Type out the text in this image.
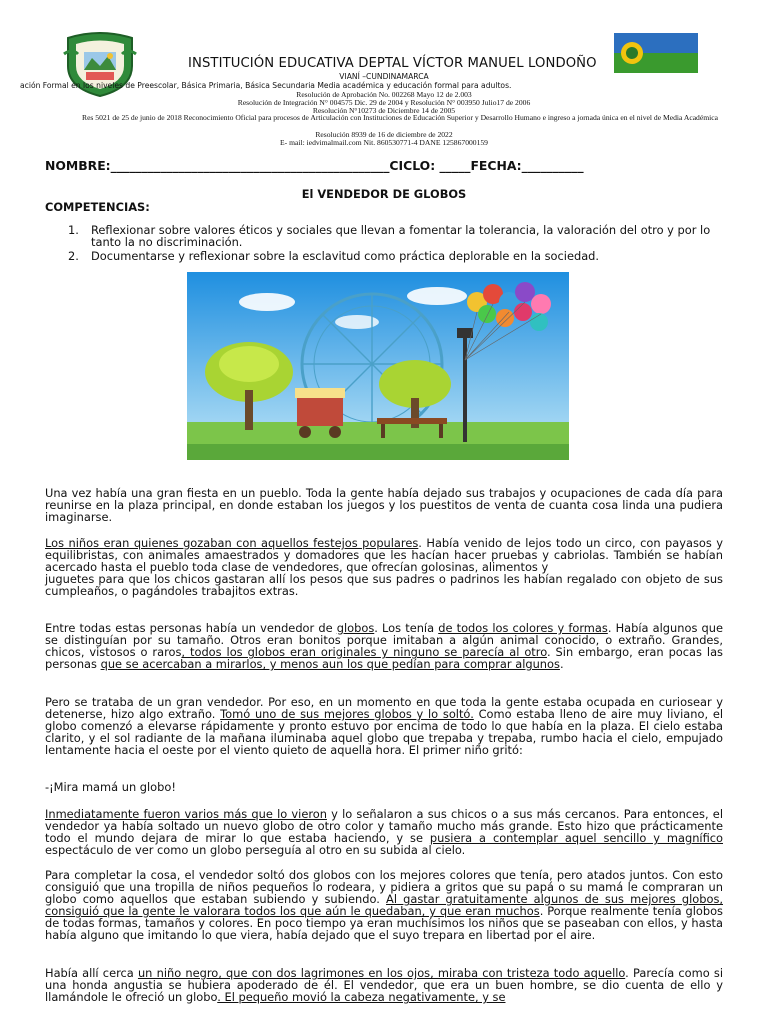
INSTITUCIÓN EDUCATIVA DEPTAL VÍCTOR MANUEL LONDOÑO
VIANÍ –CUNDINAMARCA
ación Formal en los niveles de Preescolar, Básica Primaria, Básica Secundaria Media académica y educación formal para adultos.
Resolución de Aprobación No. 002268 Mayo 12 de 2.003
Resolución de Integración N° 004575 Dic. 29 de 2004 y Resolución N° 003950 Julio17 de 2006
Resolución N°10273 de Diciembre 14 de 2005
Res 5021 de 25 de junio de 2018 Reconocimiento Oficial para procesos de Articulación con Instituciones de Educación Superior y Desarrollo Humano e ingreso a jornada única en el nivel de Media Académica
Resolución 8939 de 16 de diciembre de 2022
E- mail: iedvimalmail.com Nit. 860530771-4 DANE 125867000159
NOMBRE:_____________________________________________CICLO: _____FECHA:__________
El VENDEDOR DE GLOBOS
COMPETENCIAS:
1. Reflexionar sobre valores éticos y sociales que llevan a fomentar la tolerancia, la valoración del otro y por lo tanto la no discriminación.
2. Documentarse y reflexionar sobre la esclavitud como práctica deplorable en la sociedad.

Una vez había una gran fiesta en un pueblo. Toda la gente había dejado sus trabajos y ocupaciones de cada día para reunirse en la plaza principal, en donde estaban los juegos y los puestitos de venta de cuanta cosa linda una pudiera imaginarse.

Los niños eran quienes gozaban con aquellos festejos populares. Había venido de lejos todo un circo, con payasos y equilibristas, con animales amaestrados y domadores que les hacían hacer pruebas y cabriolas. También se habían acercado hasta el pueblo toda clase de vendedores, que ofrecían golosinas, alimentos y

juguetes para que los chicos gastaran allí los pesos que sus padres o padrinos les habían regalado con objeto de sus cumpleaños, o pagándoles trabajitos extras.

Entre todas estas personas había un vendedor de globos. Los tenía de todos los colores y formas. Había algunos que se distinguían por su tamaño. Otros eran bonitos porque imitaban a algún animal conocido, o extraño. Grandes, chicos, vistosos o raros, todos los globos eran originales y ninguno se parecía al otro. Sin embargo, eran pocas las personas que se acercaban a mirarlos, y menos aun los que pedían para comprar algunos.

Pero se trataba de un gran vendedor. Por eso, en un momento en que toda la gente estaba ocupada en curiosear y detenerse, hizo algo extraño. Tomó uno de sus mejores globos y lo soltó. Como estaba lleno de aire muy liviano, el globo comenzó a elevarse rápidamente y pronto estuvo por encima de todo lo que había en la plaza. El cielo estaba clarito, y el sol radiante de la mañana iluminaba aquel globo que trepaba y trepaba, rumbo hacia el cielo, empujado lentamente hacia el oeste por el viento quieto de aquella hora. El primer niño gritó:

-¡Mira mamá un globo!

Inmediatamente fueron varios más que lo vieron y lo señalaron a sus chicos o a sus más cercanos. Para entonces, el vendedor ya había soltado un nuevo globo de otro color y tamaño mucho más grande. Esto hizo que prácticamente todo el mundo dejara de mirar lo que estaba haciendo, y se pusiera a contemplar aquel sencillo y magnífico espectáculo de ver como un globo perseguía al otro en su subida al cielo.

Para completar la cosa, el vendedor soltó dos globos con los mejores colores que tenía, pero atados juntos. Con esto consiguió que una tropilla de niños pequeños lo rodeara, y pidiera a gritos que su papá o su mamá le compraran un globo como aquellos que estaban subiendo y subiendo. Al gastar gratuitamente algunos de sus mejores globos, consiguió que la gente le valorara todos los que aún le quedaban, y que eran muchos. Porque realmente tenía globos de todas formas, tamaños y colores. En poco tiempo ya eran muchísimos los niños que se paseaban con ellos, y hasta había alguno que imitando lo que viera, había dejado que el suyo trepara en libertad por el aire.

Había allí cerca un niño negro, que con dos lagrimones en los ojos, miraba con tristeza todo aquello. Parecía como si una honda angustia se hubiera apoderado de él. El vendedor, que era un buen hombre, se dio cuenta de ello y llamándole le ofreció un globo. El pequeño movió la cabeza negativamente, y se
